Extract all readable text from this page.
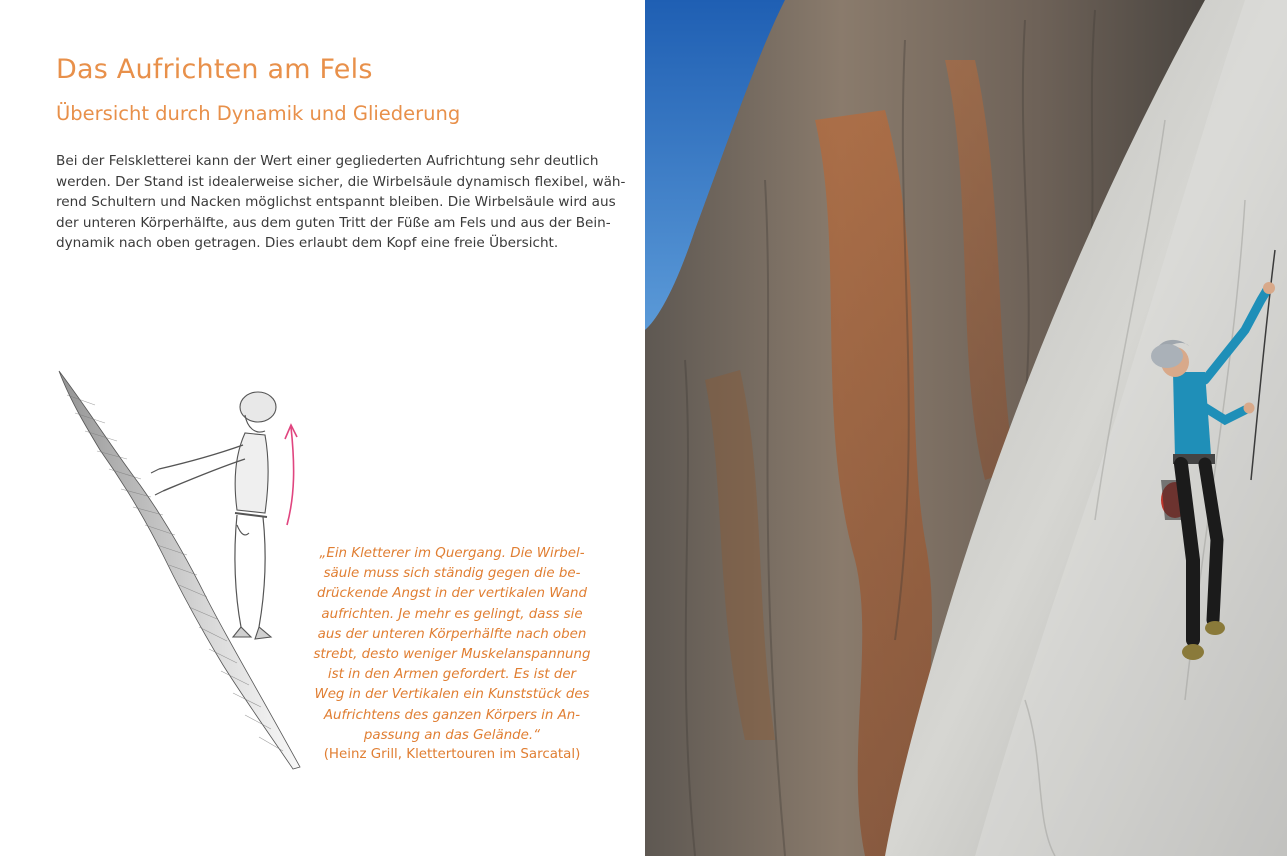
Das Aufrichten am Fels
Übersicht durch Dynamik und Gliederung
Bei der Felskletterei kann der Wert einer gegliederten Aufrichtung sehr deutlich
werden. Der Stand ist idealerweise sicher, die Wirbelsäule dynamisch flexibel, wäh-
rend Schultern und Nacken möglichst entspannt bleiben. Die Wirbelsäule wird aus
der unteren Körperhälfte, aus dem guten Tritt der Füße am Fels und aus der Bein-
dynamik nach oben getragen. Dies erlaubt dem Kopf eine freie Übersicht.
„Ein Kletterer im Quergang. Die Wirbel-
säule muss sich ständig gegen die be-
drückende Angst in der vertikalen Wand
aufrichten. Je mehr es gelingt, dass sie
aus der unteren Körperhälfte nach oben
strebt, desto weniger Muskelanspannung
ist in den Armen gefordert. Es ist der
Weg in der Vertikalen ein Kunststück des
Aufrichtens des ganzen Körpers in An-
passung an das Gelände.“
(Heinz Grill, Klettertouren im Sarcatal)
